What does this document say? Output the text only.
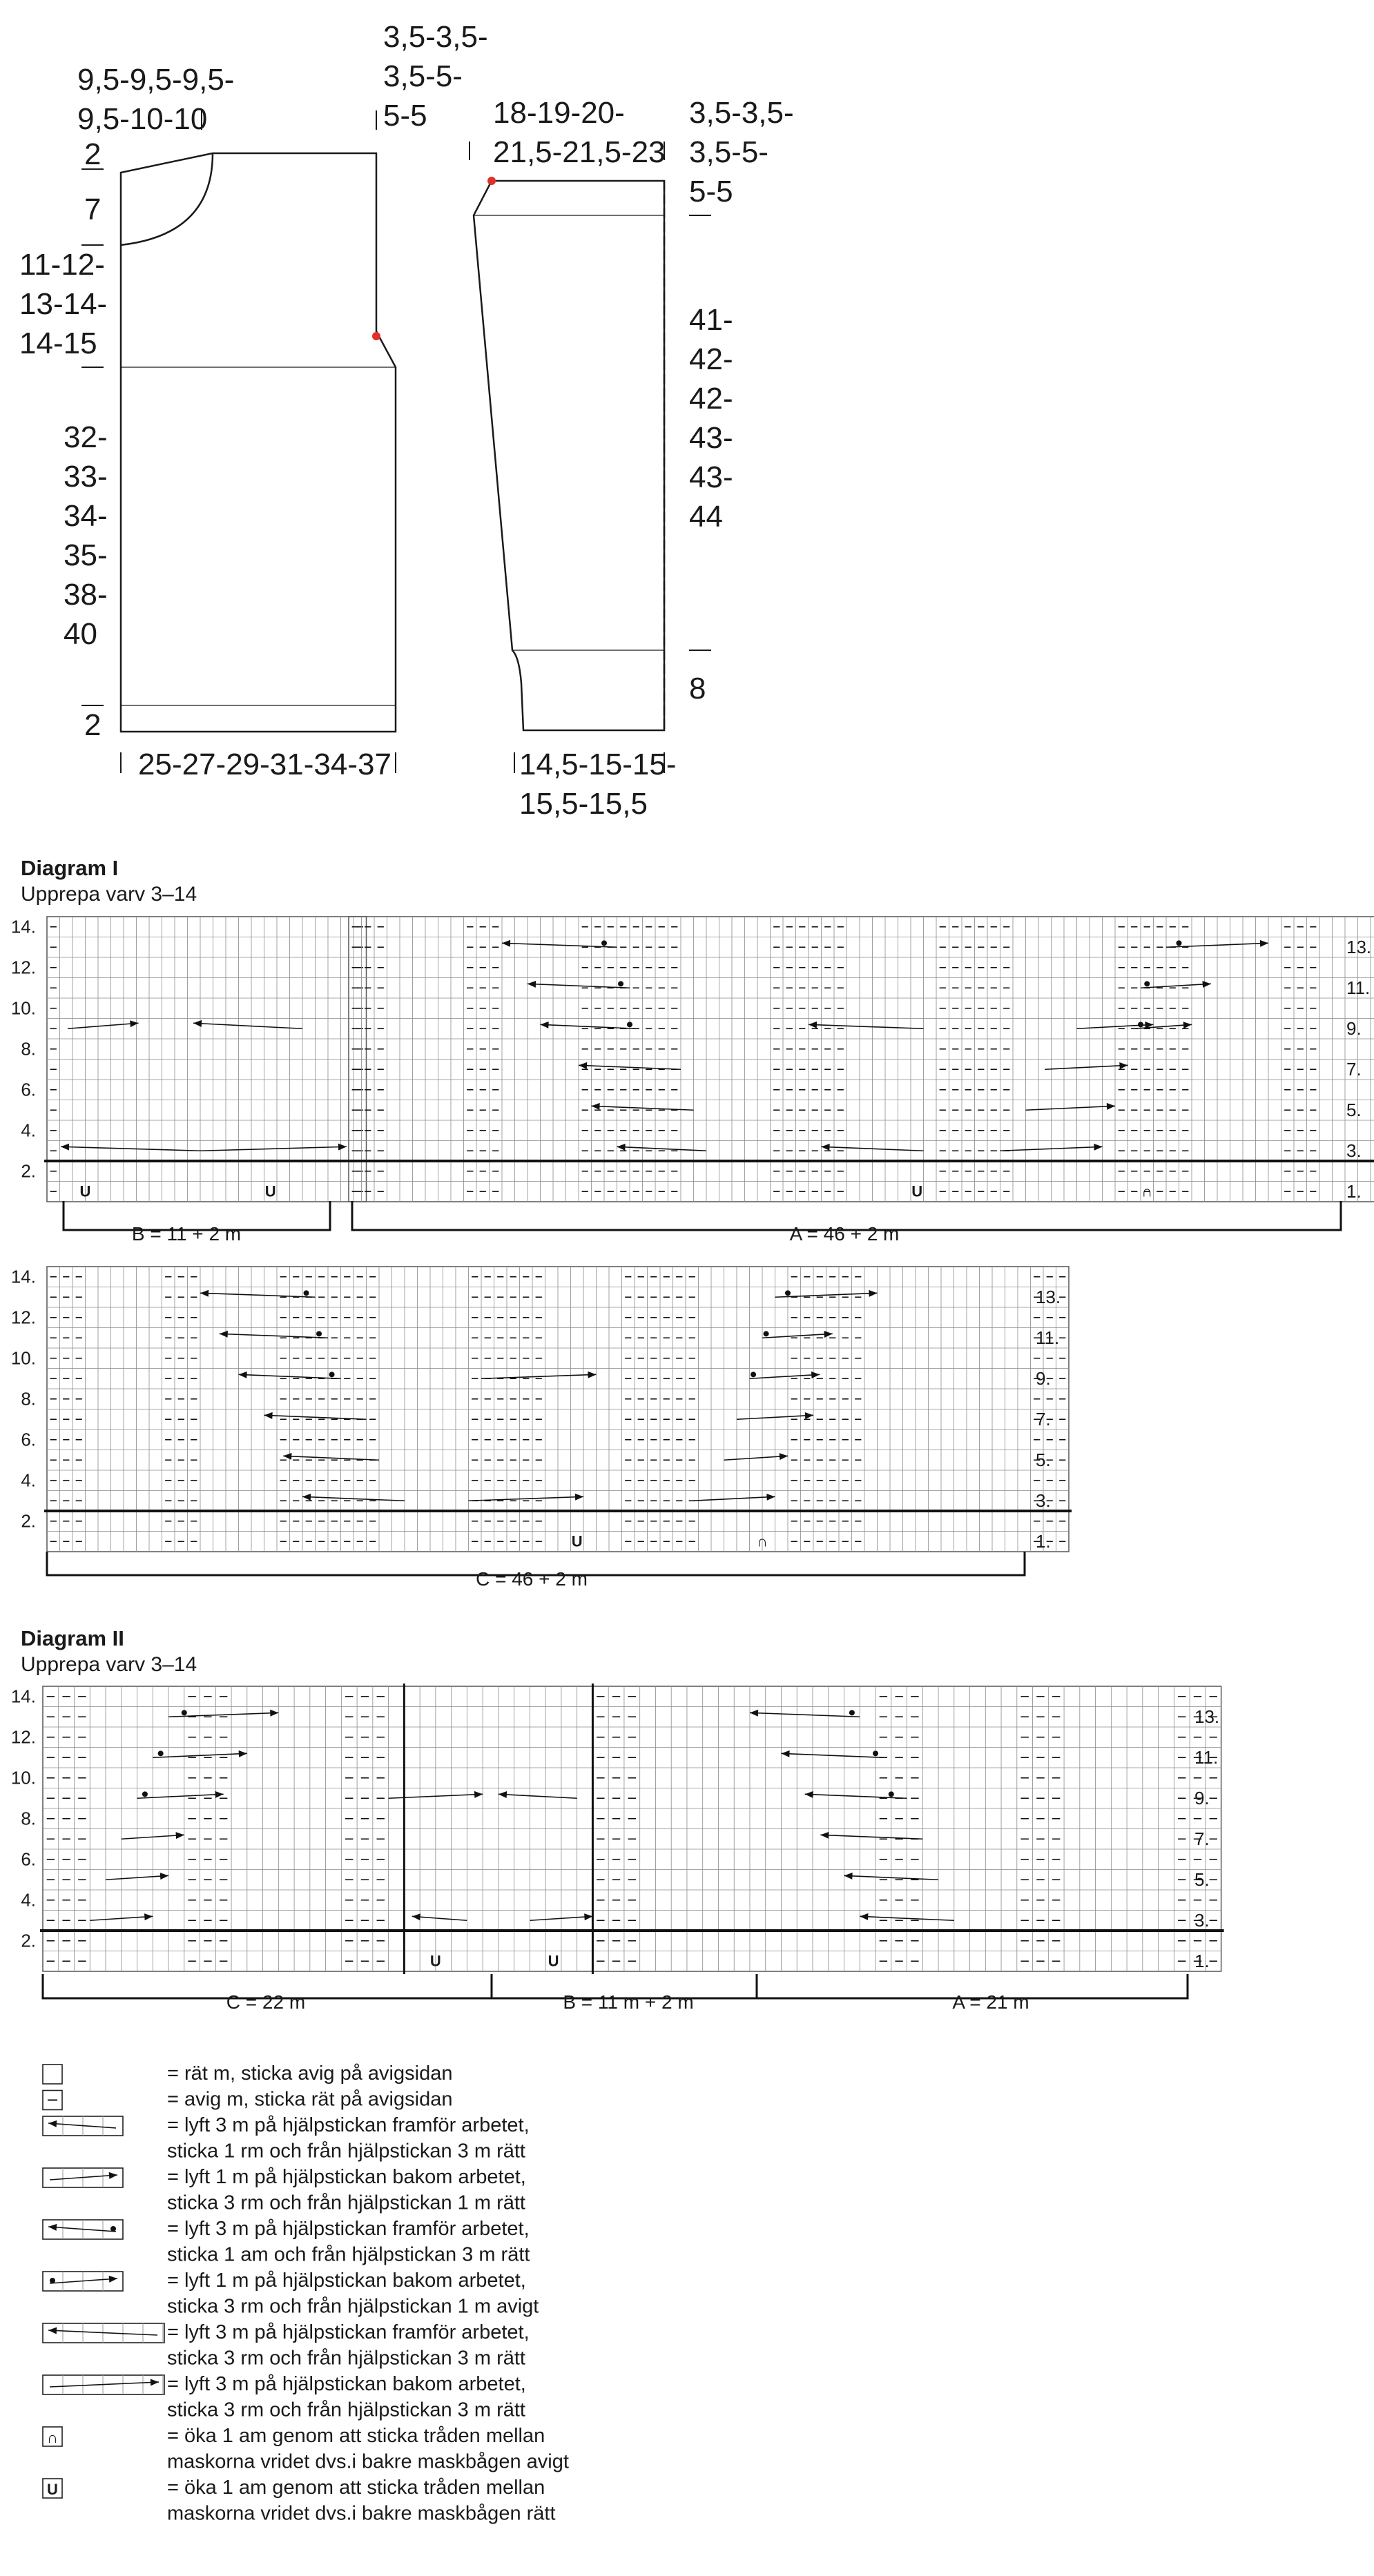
9,5-9,5-9,5-9,5-10-10
3,5-3,5-3,5-5-5-5
2
7
11-12-13-14-14-15
32-33-34-35-38-40
2
25-27-29-31-34-37
18-19-20-21,5-21,5-23
3,5-3,5-3,5-5-5-5
41-42-42-43-43-44
8
14,5-15-15-15,5-15,5
Diagram I
Upprepa varv 3–14
U	U	U	∩
U	∩
14.
12.
10.
8.
6.
4.
2.
13.
11.
9.
7.
5.
3.
1.
14.
12.
10.
8.
6.
4.
2.
13.
11.
9.
7.
5.
3.
1.
B = 11 + 2 m	A = 46 + 2 m
C = 46 + 2 m
Diagram II
Upprepa varv 3–14
U	U
14.
12.
10.
8.
6.
4.
2.
13.
11.
9.
7.
5.
3.
1.
C = 22 m	B = 11 m + 2 m	A = 21 m
= rät m, sticka avig på avigsidan
= avig m, sticka rät på avigsidan
= lyft 3 m på hjälpstickan framför arbetet,
sticka 1 rm och från hjälpstickan 3 m rätt
= lyft 1 m på hjälpstickan bakom arbetet,
sticka 3 rm och från hjälpstickan 1 m rätt
= lyft 3 m på hjälpstickan framför arbetet,
sticka 1 am och från hjälpstickan 3 m rätt
= lyft 1 m på hjälpstickan bakom arbetet,
sticka 3 rm och från hjälpstickan 1 m avigt
= lyft 3 m på hjälpstickan framför arbetet,
sticka 3 rm och från hjälpstickan 3 m rätt
= lyft 3 m på hjälpstickan bakom arbetet,
sticka 3 rm och från hjälpstickan 3 m rätt
∩	= öka 1 am genom att sticka tråden mellan
maskorna vridet dvs.i bakre maskbågen avigt
U	= öka 1 am genom att sticka tråden mellan
maskorna vridet dvs.i bakre maskbågen rätt
